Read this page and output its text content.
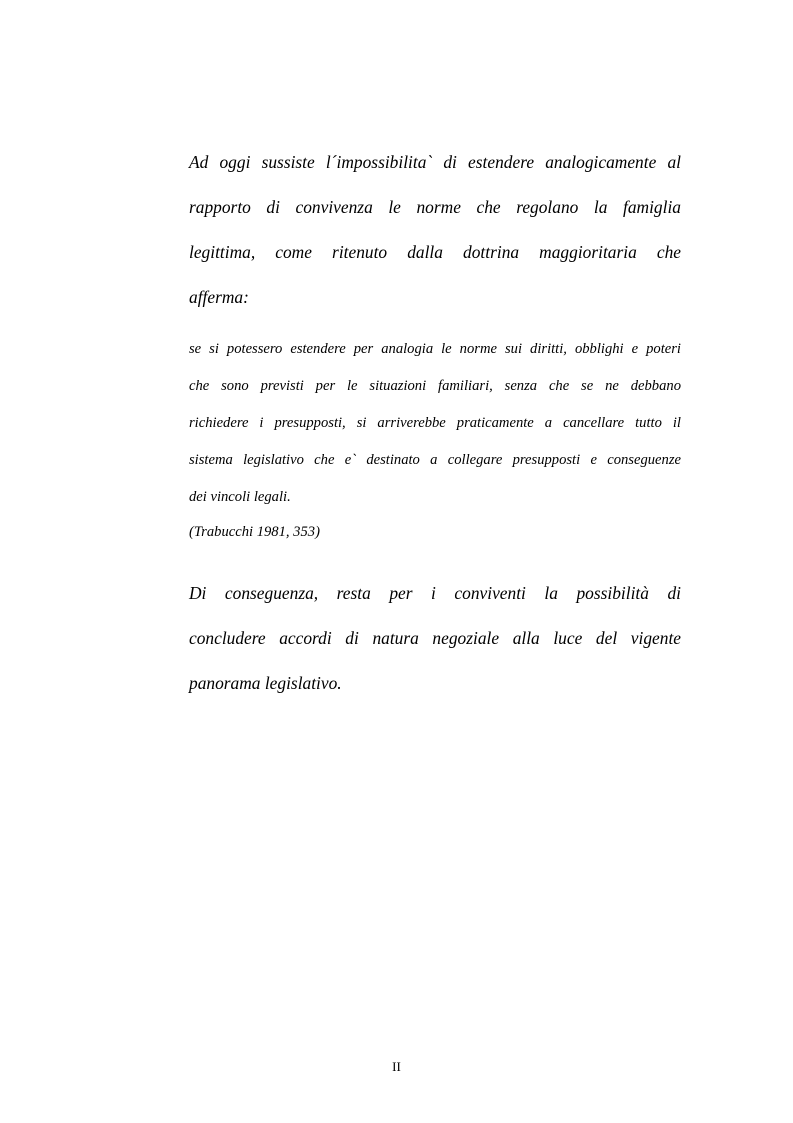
Ad oggi sussiste l´impossibilita` di estendere analogicamente al
rapporto di convivenza le norme che regolano la famiglia
legittima, come ritenuto dalla dottrina maggioritaria che
afferma:
se si potessero estendere per analogia le norme sui diritti, obblighi e poteri
che sono previsti per le situazioni familiari, senza che se ne debbano
richiedere i presupposti, si arriverebbe praticamente a cancellare tutto il
sistema legislativo che e` destinato a collegare presupposti e conseguenze
dei vincoli legali.
(Trabucchi 1981, 353)
Di conseguenza, resta per i conviventi la possibilità di
concludere accordi di natura negoziale alla luce del vigente
panorama legislativo.
II
